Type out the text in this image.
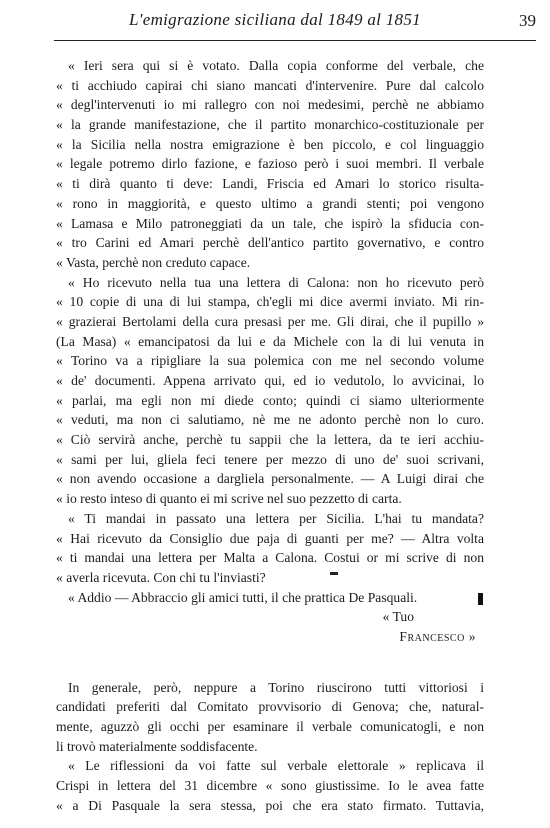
L'emigrazione siciliana dal 1849 al 1851	39
« Ieri sera qui si è votato. Dalla copia conforme del verbale, che
« ti acchiudo capirai chi siano mancati d'intervenire. Pure dal calcolo
« degl'intervenuti io mi rallegro con noi medesimi, perchè ne abbiamo
« la grande manifestazione, che il partito monarchico-costituzionale per
« la Sicilia nella nostra emigrazione è ben piccolo, e col linguaggio
« legale potremo dirlo fazione, e fazioso però i suoi membri. Il verbale
« ti dirà quanto ti deve: Landi, Friscia ed Amari lo storico risulta-
« rono in maggiorità, e questo ultimo a grandi stenti; poi vengono
« Lamasa e Milo patroneggiati da un tale, che ispirò la sfiducia con-
« tro Carini ed Amari perchè dell'antico partito governativo, e contro
« Vasta, perchè non creduto capace.
« Ho ricevuto nella tua una lettera di Calona: non ho ricevuto però
« 10 copie di una di lui stampa, ch'egli mi dice avermi inviato. Mi rin-
« grazierai Bertolami della cura presasi per me. Gli dirai, che il pupillo »
(La Masa) « emancipatosi da lui e da Michele con la di lui venuta in
« Torino va a ripigliare la sua polemica con me nel secondo volume
« de' documenti. Appena arrivato qui, ed io vedutolo, lo avvicinai, lo
« parlai, ma egli non mi diede conto; quindi ci siamo ulteriormente
« veduti, ma non ci salutiamo, nè me ne adonto perchè non lo curo.
« Ciò servirà anche, perchè tu sappii che la lettera, da te ieri acchiu-
« sami per lui, gliela feci tenere per mezzo di uno de' suoi scrivani,
« non avendo occasione a dargliela personalmente. — A Luigi dirai che
« io resto inteso di quanto ei mi scrive nel suo pezzetto di carta.
« Ti mandai in passato una lettera per Sicilia. L'hai tu mandata?
« Hai ricevuto da Consiglio due paja di guanti per me? — Altra volta
« ti mandai una lettera per Malta a Calona. Costui or mi scrive di non
« averla ricevuta. Con chi tu l'inviasti?
« Addio — Abbraccio gli amici tutti, il che prattica De Pasquali.
« Tuo
Francesco »
In generale, però, neppure a Torino riuscirono tutti vittoriosi i
candidati preferiti dal Comitato provvisorio di Genova; che, natural-
mente, aguzzò gli occhi per esaminare il verbale comunicatogli, e non
li trovò materialmente soddisfacente.
« Le riflessioni da voi fatte sul verbale elettorale » replicava il
Crispi in lettera del 31 dicembre « sono giustissime. Io le avea fatte
« a Di Pasquale la sera stessa, poi che era stato firmato. Tuttavia,
